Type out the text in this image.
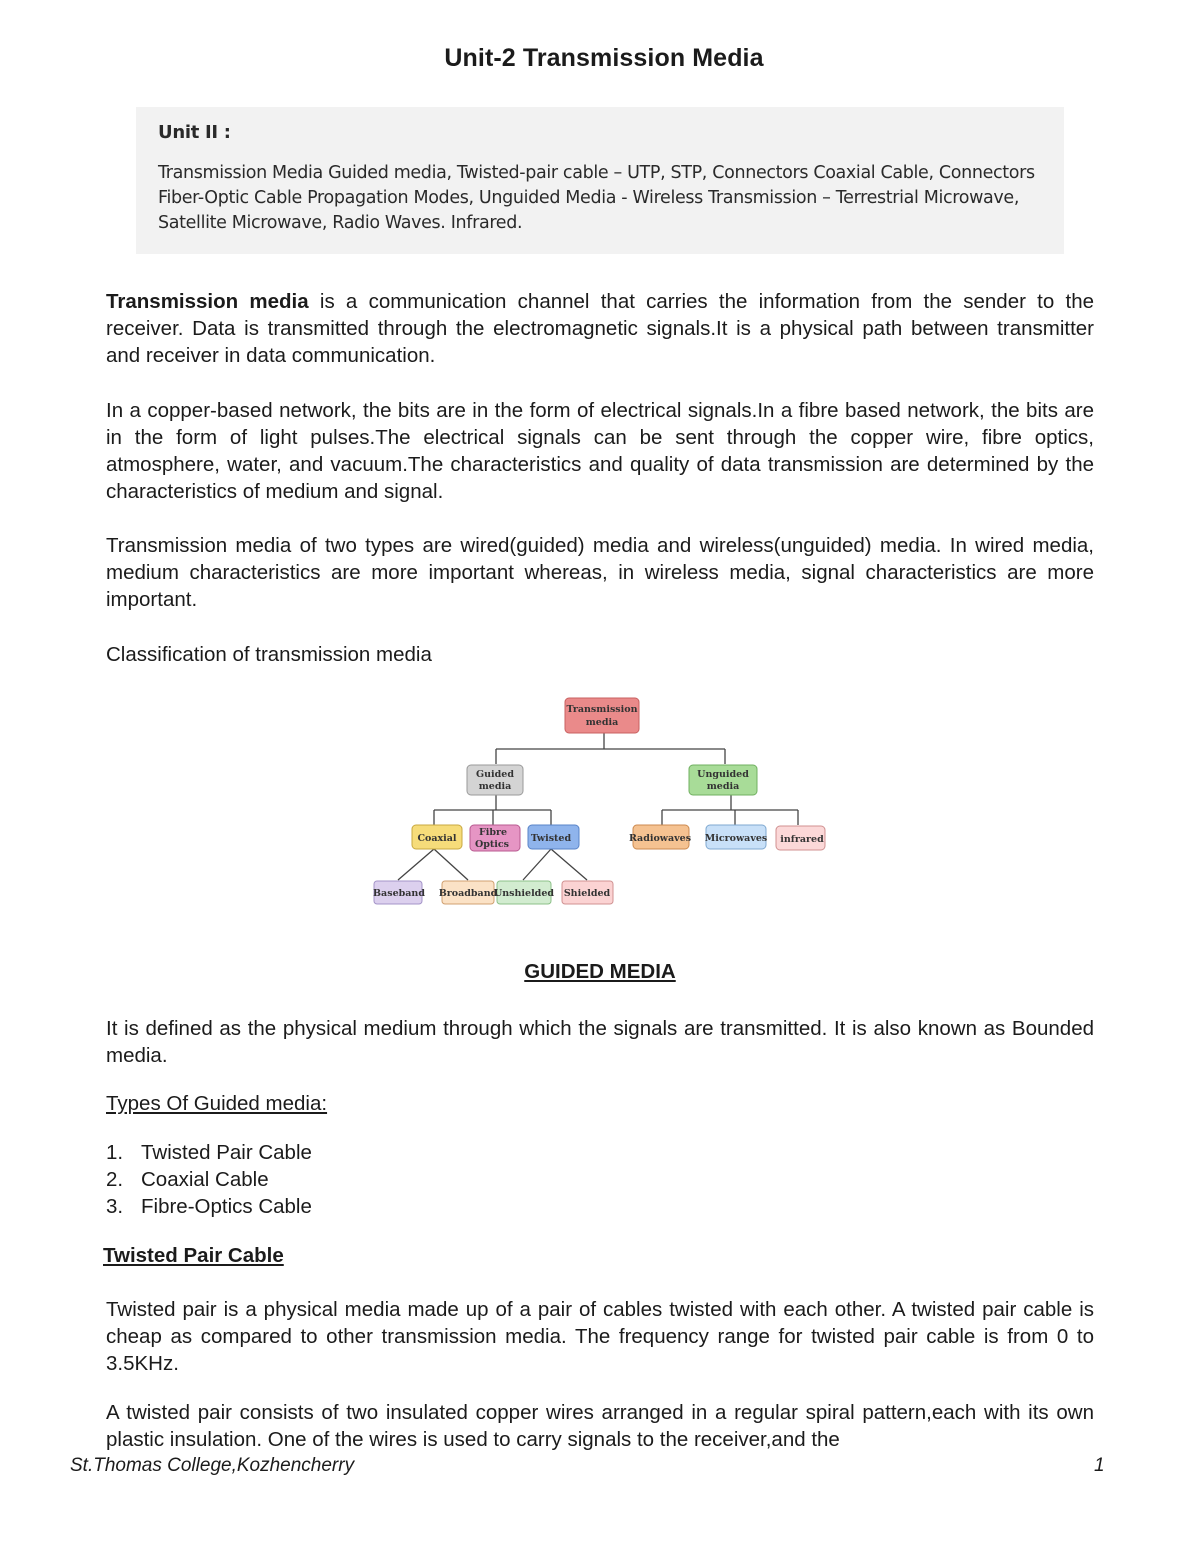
Unit-2 Transmission Media
Unit II :
Transmission Media Guided media, Twisted-pair cable – UTP, STP, Connectors Coaxial Cable, Connectors Fiber-Optic Cable Propagation Modes, Unguided Media - Wireless Transmission – Terrestrial Microwave, Satellite Microwave, Radio Waves. Infrared.

Transmission media is a communication channel that carries the information from the sender to the receiver. Data is transmitted through the electromagnetic signals.It is a physical path between transmitter and receiver in data communication.

In a copper-based network, the bits are in the form of electrical signals.In a fibre based network, the bits are in the form of light pulses.The electrical signals can be sent through the copper wire, fibre optics, atmosphere, water, and vacuum.The characteristics and quality of data transmission are determined by the characteristics of medium and signal.

Transmission media of two types are wired(guided) media and wireless(unguided) media. In wired media, medium characteristics are more important whereas, in wireless media, signal characteristics are more important.

Classification of transmission media

Transmission
media
Guided
media
Unguided
media
Coaxial
Fibre
Optics
Twisted	Radiowaves Microwaves infrared
Baseband Broadband
Unshielded Shielded

GUIDED MEDIA

It is defined as the physical medium through which the signals are transmitted. It is also known as Bounded media.

Types Of Guided media:

1. Twisted Pair Cable
2. Coaxial Cable
3. Fibre-Optics Cable

Twisted Pair Cable

Twisted pair is a physical media made up of a pair of cables twisted with each other. A twisted pair cable is cheap as compared to other transmission media. The frequency range for twisted pair cable is from 0 to 3.5KHz.

A twisted pair consists of two insulated copper wires arranged in a regular spiral pattern,each with its own plastic insulation. One of the wires is used to carry signals to the receiver,and the

St.Thomas College,Kozhencherry	1
